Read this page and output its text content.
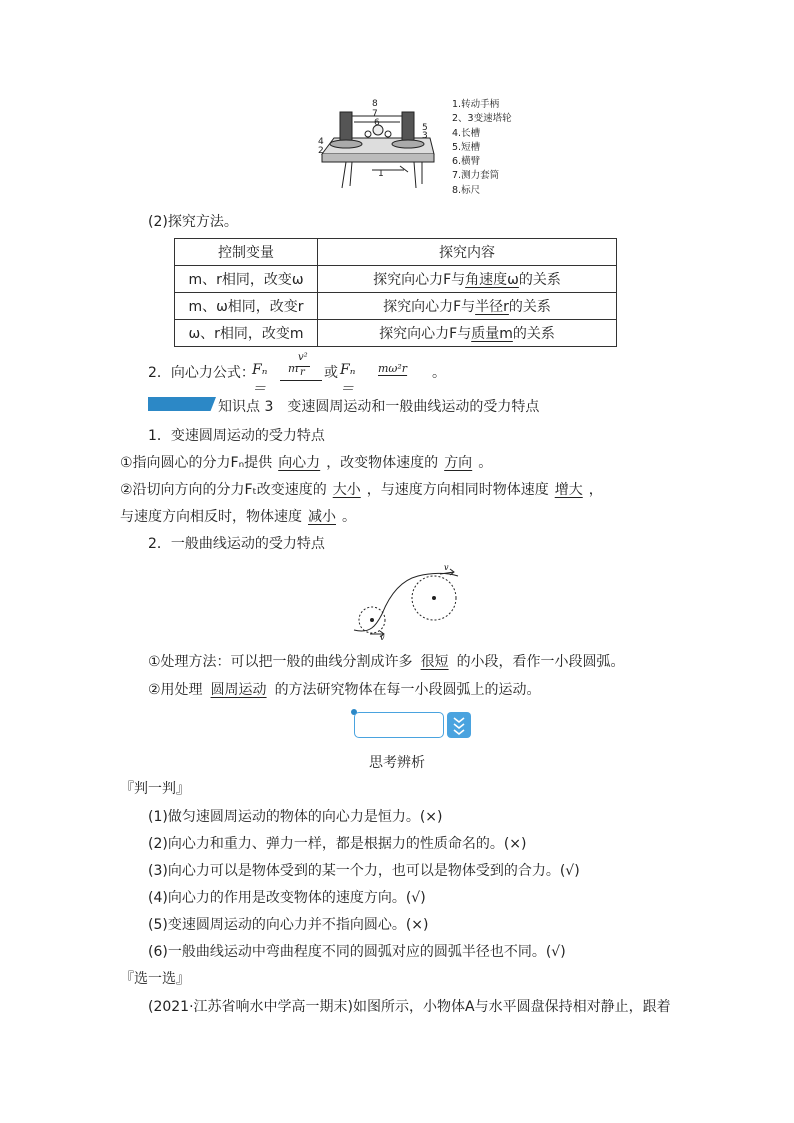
8
7
6
4
2
5
3
1
1.转动手柄
2、3变速塔轮
4.长槽
5.短槽
6.横臂
7.测力套筒
8.标尺
(2)探究方法。
控制变量	探究内容
m、r相同，改变ω	探究向心力F与角速度ω的关系
m、ω相同，改变r	探究向心力F与半径r的关系
ω、r相同，改变m	探究向心力F与质量m的关系
2．向心力公式：
Fₙ＝
m
v²
r 或 Fₙ＝
mω²r	。
知识点 3　变速圆周运动和一般曲线运动的受力特点
1．变速圆周运动的受力特点
①指向圆心的分力Fₙ提供 向心力 ，改变物体速度的 方向 。
②沿切向方向的分力Fₜ改变速度的 大小 ，与速度方向相同时物体速度 增大 ，
与速度方向相反时，物体速度 减小 。
2．一般曲线运动的受力特点
v
v
①处理方法：可以把一般的曲线分割成许多 很短 的小段，看作一小段圆弧。
②用处理 圆周运动 的方法研究物体在每一小段圆弧上的运动。
思考辨析
『判一判』
(1)做匀速圆周运动的物体的向心力是恒力。(×)
(2)向心力和重力、弹力一样，都是根据力的性质命名的。(×)
(3)向心力可以是物体受到的某一个力，也可以是物体受到的合力。(√)
(4)向心力的作用是改变物体的速度方向。(√)
(5)变速圆周运动的向心力并不指向圆心。(×)
(6)一般曲线运动中弯曲程度不同的圆弧对应的圆弧半径也不同。(√)
『选一选』
(2021·江苏省响水中学高一期末)如图所示，小物体A与水平圆盘保持相对静止，跟着
